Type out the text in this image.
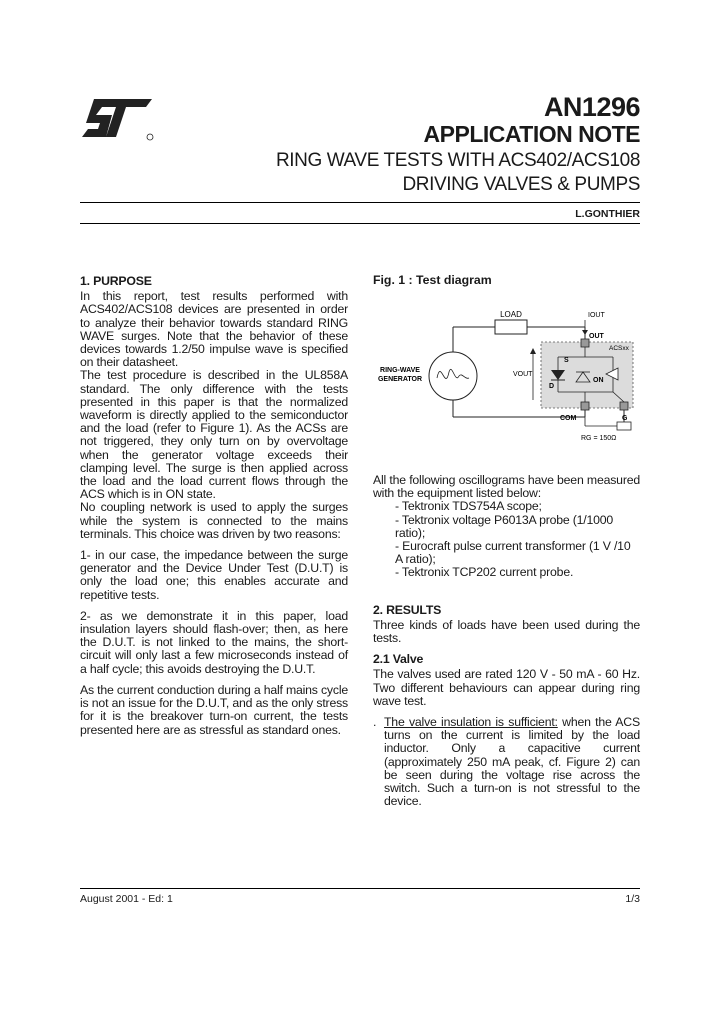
AN1296
APPLICATION NOTE
RING WAVE TESTS WITH ACS402/ACS108
DRIVING VALVES & PUMPS
L.GONTHIER

1. PURPOSE

In this report, test results performed with ACS402/ACS108 devices are presented in order to analyze their behavior towards standard RING WAVE surges. Note that the behavior of these devices towards 1.2/50 impulse wave is specified on their datasheet.

The test procedure is described in the UL858A standard. The only difference with the tests presented in this paper is that the normalized waveform is directly applied to the semiconductor and the load (refer to Figure 1). As the ACSs are not triggered, they only turn on by overvoltage when the generator voltage exceeds their clamping level. The surge is then applied across the load and the load current flows through the ACS which is in ON state.

No coupling network is used to apply the surges while the system is connected to the mains terminals. This choice was driven by two reasons:

1- in our case, the impedance between the surge generator and the Device Under Test (D.U.T) is only the load one; this enables accurate and repetitive tests.

2- as we demonstrate it in this paper, load insulation layers should flash-over; then, as here the D.U.T. is not linked to the mains, the short-circuit will only last a few microseconds instead of a half cycle; this avoids destroying the D.U.T.

As the current conduction during a half mains cycle is not an issue for the D.U.T, and as the only stress for it is the breakover turn-on current, the tests presented here are as stressful as standard ones.

Fig. 1 : Test diagram
LOAD	IOUT
RING-WAVE
GENERATOR
ACSxx
OUT
COM	G
S
D
ON
VOUT
RG = 150Ω

All the following oscillograms have been measured with the equipment listed below:

- Tektronix TDS754A scope;

- Tektronix voltage P6013A probe (1/1000 ratio);

- Eurocraft pulse current transformer (1 V /10 A ratio);

- Tektronix TCP202 current probe.

2. RESULTS

Three kinds of loads have been used during the tests.

2.1 Valve

The valves used are rated 120 V - 50 mA - 60 Hz. Two different behaviours can appear during ring wave test.

. The valve insulation is sufficient: when the ACS turns on the current is limited by the load inductor. Only a capacitive current (approximately 250 mA peak, cf. Figure 2) can be seen during the voltage rise across the switch. Such a turn-on is not stressful to the device.

August 2001 - Ed: 1	1/3
